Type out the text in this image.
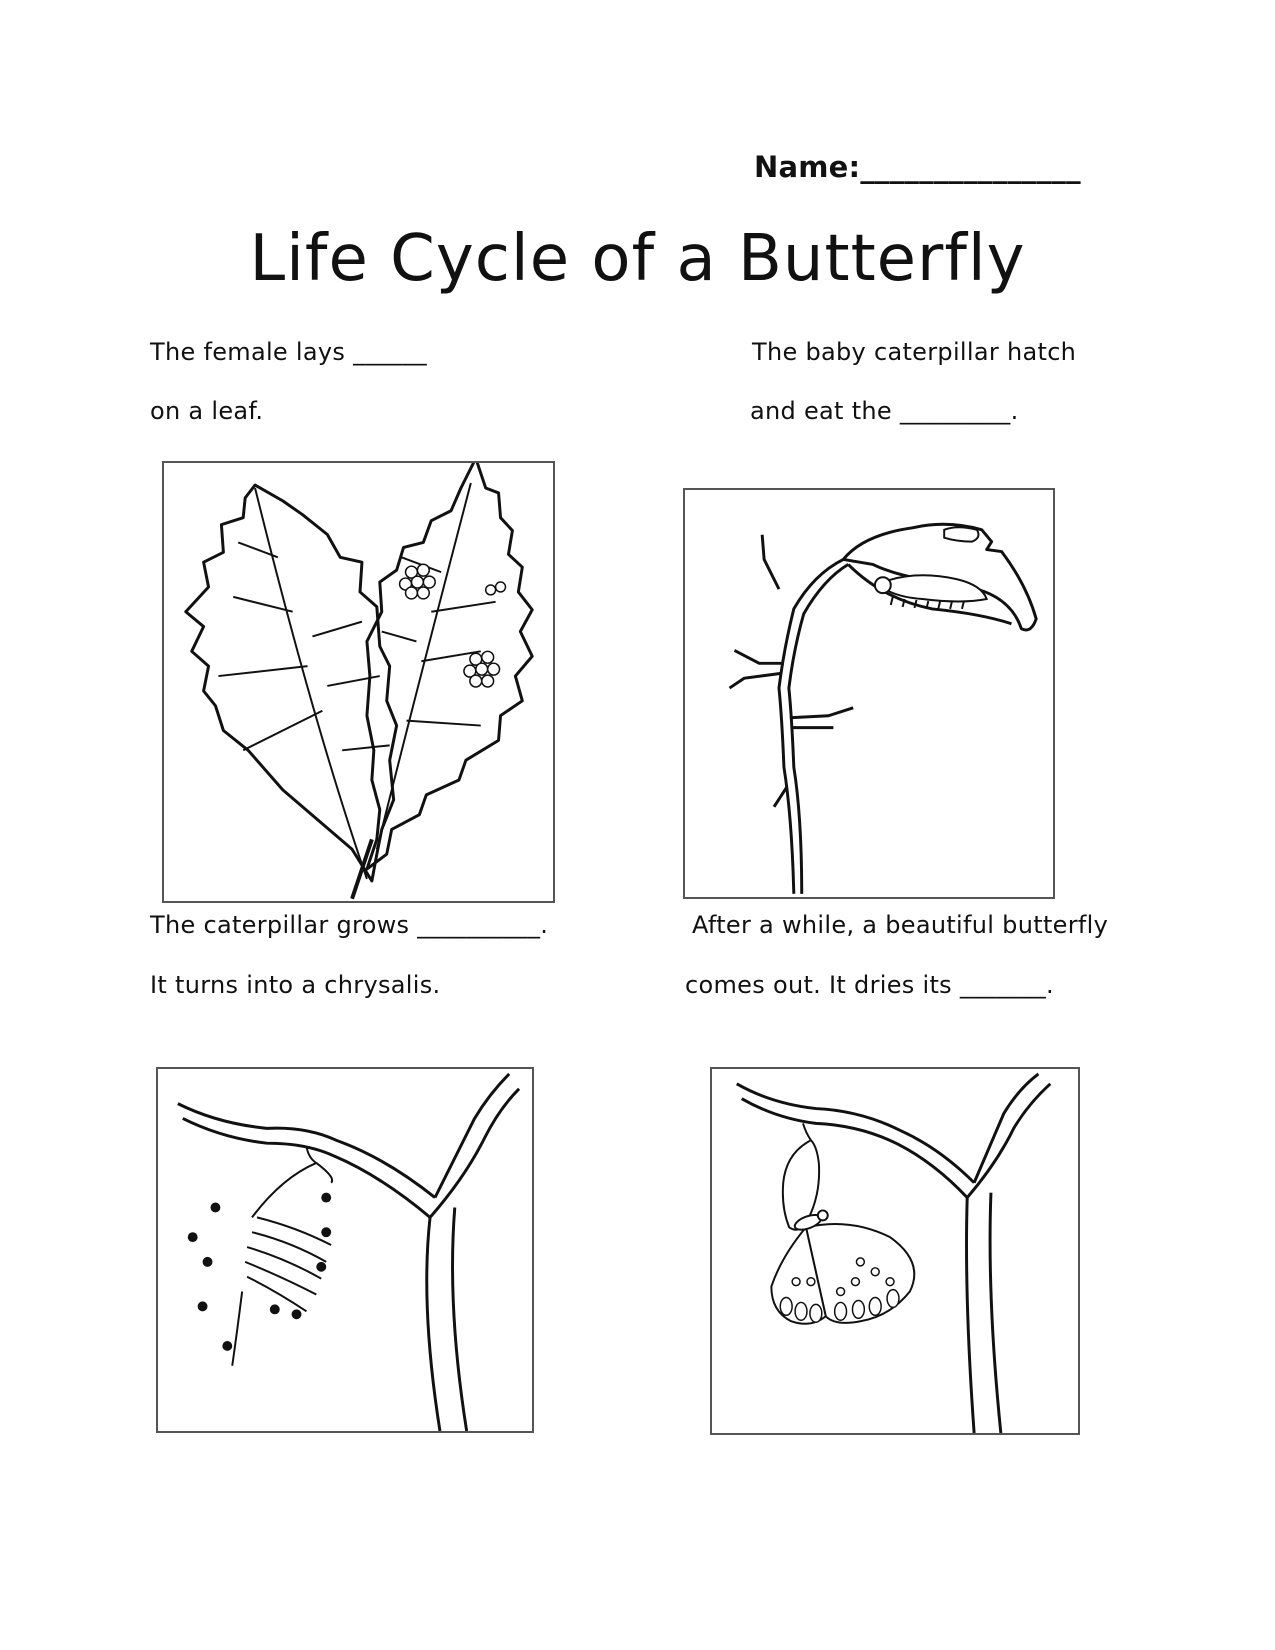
Name:_______________
Life Cycle of a Butterfly
The female lays ______
on a leaf.
The baby caterpillar hatch
and eat the _________.
The caterpillar grows __________.
It turns into a chrysalis.
After a while, a beautiful butterfly
comes out. It dries its _______.
